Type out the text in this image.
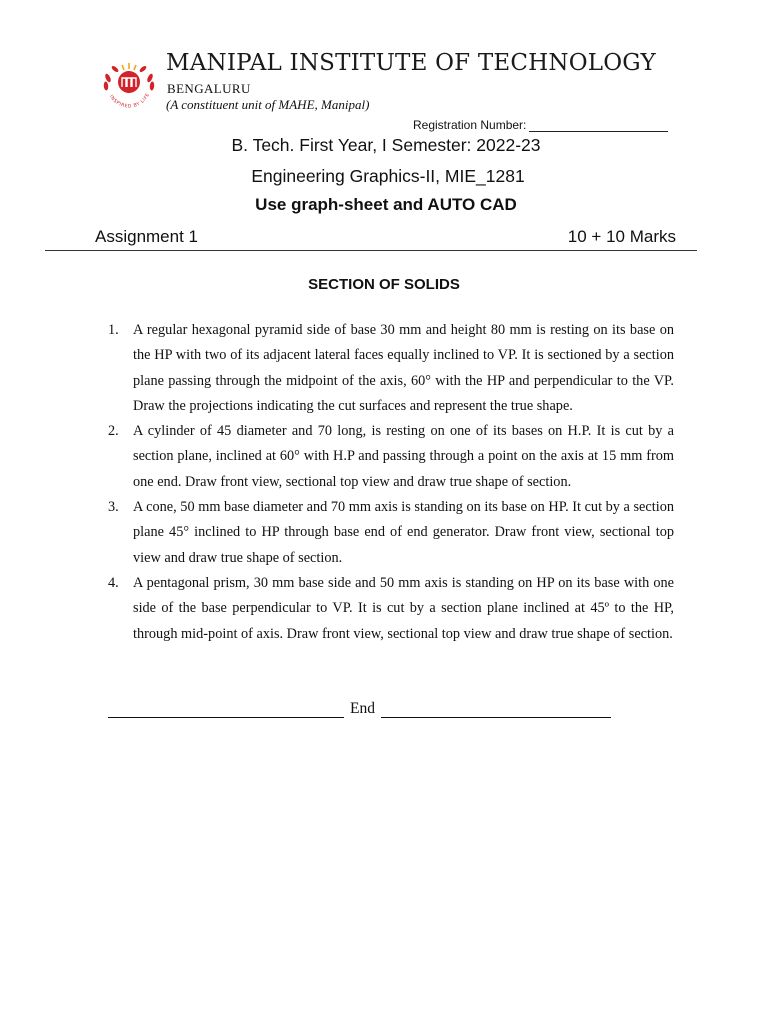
INSPIRED BY LIFE
MANIPAL INSTITUTE OF TECHNOLOGY
BENGALURU
(A constituent unit of MAHE, Manipal)
Registration Number:
B. Tech. First Year, I Semester: 2022-23
Engineering Graphics-II, MIE_1281
Use graph-sheet and AUTO CAD
Assignment 1	10 + 10 Marks
SECTION OF SOLIDS
1. A regular hexagonal pyramid side of base 30 mm and height 80 mm is resting on its base on the HP with two of its adjacent lateral faces equally inclined to VP. It is sectioned by a section plane passing through the midpoint of the axis, 60° with the HP and perpendicular to the VP. Draw the projections indicating the cut surfaces and represent the true shape.
2. A cylinder of 45 diameter and 70 long, is resting on one of its bases on H.P. It is cut by a section plane, inclined at 60° with H.P and passing through a point on the axis at 15 mm from one end. Draw front view, sectional top view and draw true shape of section.
3. A cone, 50 mm base diameter and 70 mm axis is standing on its base on HP. It cut by a section plane 45° inclined to HP through base end of end generator. Draw front view, sectional top view and draw true shape of section.
4. A pentagonal prism, 30 mm base side and 50 mm axis is standing on HP on its base with one side of the base perpendicular to VP. It is cut by a section plane inclined at 45º to the HP, through mid-point of axis. Draw front view, sectional top view and draw true shape of section.
End
